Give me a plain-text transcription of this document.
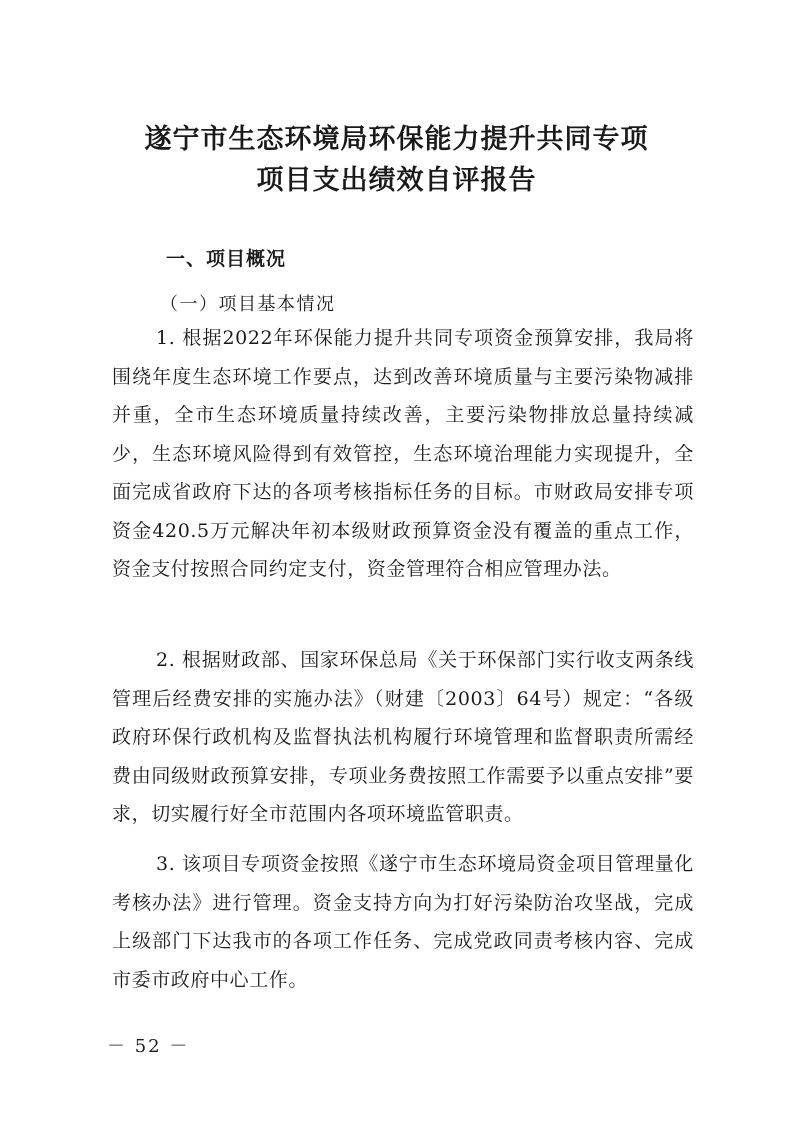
遂宁市生态环境局环保能力提升共同专项
项目支出绩效自评报告
一、项目概况
（一）项目基本情况

1. 根据2022年环保能力提升共同专项资金预算安排，我局将围绕年度生态环境工作要点，达到改善环境质量与主要污染物减排并重，全市生态环境质量持续改善，主要污染物排放总量持续减少，生态环境风险得到有效管控，生态环境治理能力实现提升，全面完成省政府下达的各项考核指标任务的目标。市财政局安排专项资金420.5万元解决年初本级财政预算资金没有覆盖的重点工作，资金支付按照合同约定支付，资金管理符合相应管理办法。

2. 根据财政部、国家环保总局《关于环保部门实行收支两条线管理后经费安排的实施办法》（财建〔2003〕64号）规定：“各级政府环保行政机构及监督执法机构履行环境管理和监督职责所需经费由同级财政预算安排，专项业务费按照工作需要予以重点安排”要求，切实履行好全市范围内各项环境监管职责。

3. 该项目专项资金按照《遂宁市生态环境局资金项目管理量化考核办法》进行管理。资金支持方向为打好污染防治攻坚战，完成上级部门下达我市的各项工作任务、完成党政同责考核内容、完成市委市政府中心工作。

－ 52 －
